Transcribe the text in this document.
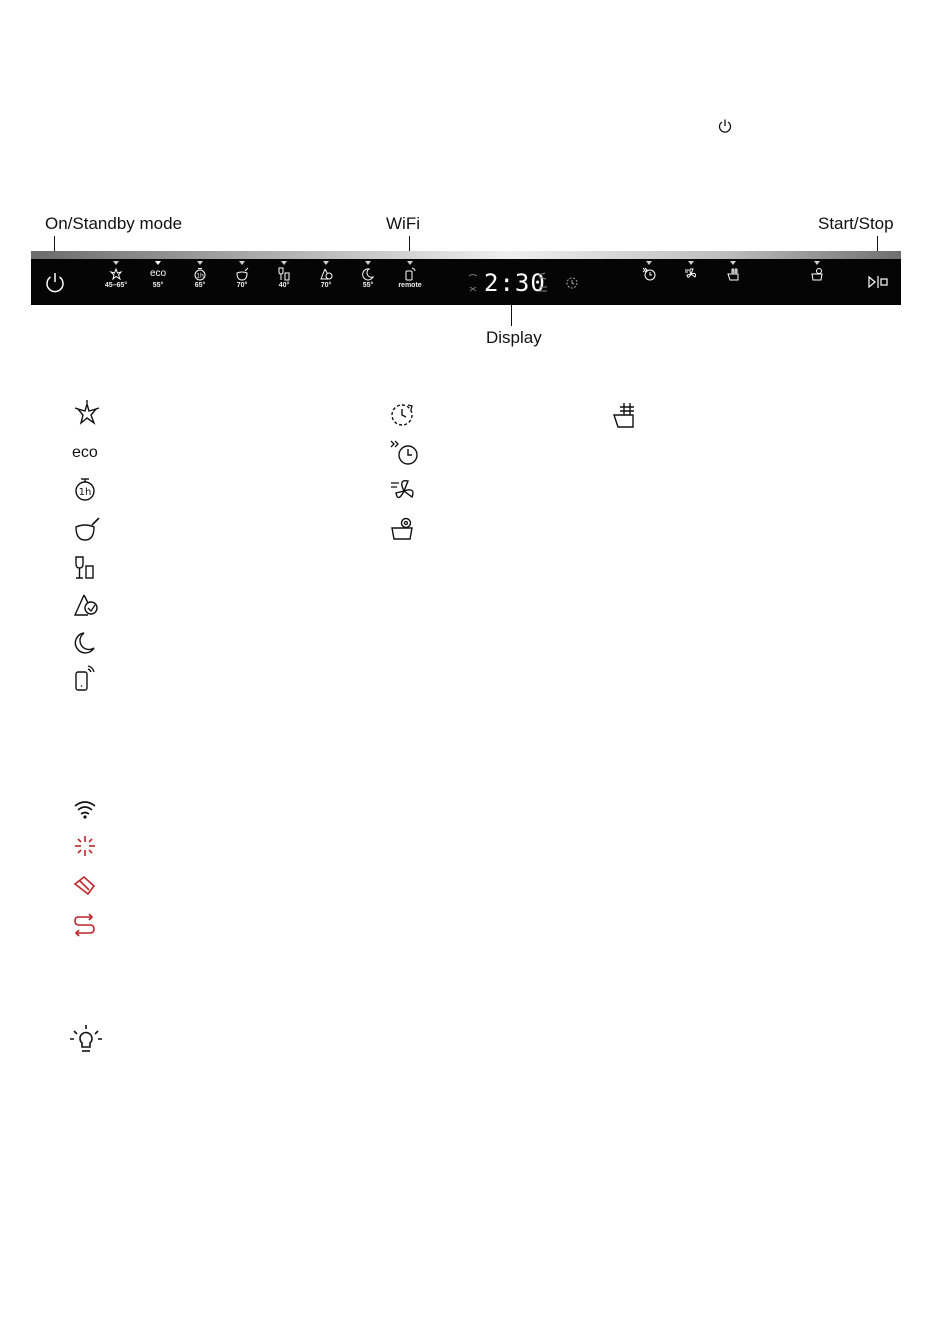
On/Standby mode	WiFi	Start/Stop
Display
45–65°
eco
55°
1h
65°	70°	40°	70°	55°	remote	2:30
eco
1h
